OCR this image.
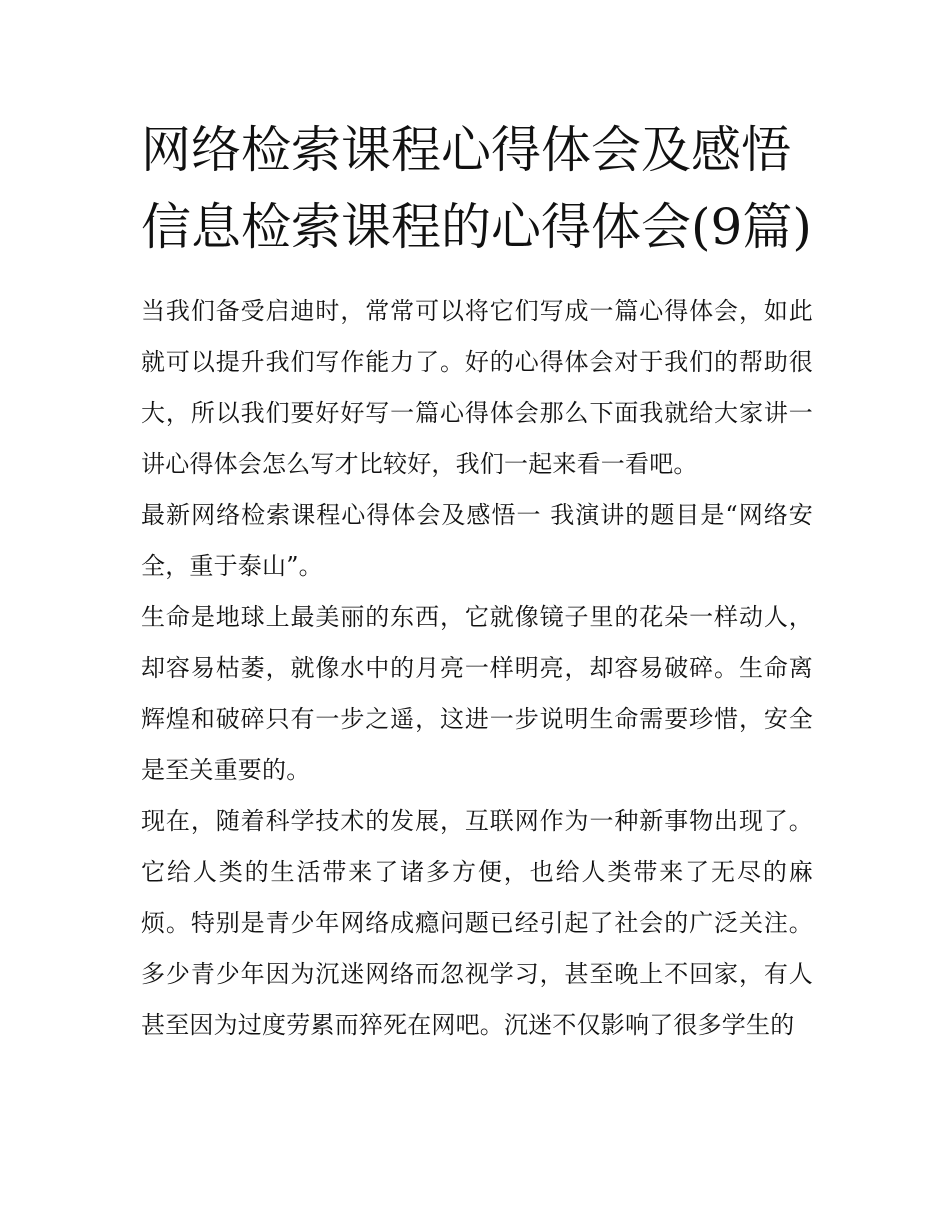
网络检索课程心得体会及感悟信息检索课程的心得体会(9篇)

当我们备受启迪时，常常可以将它们写成一篇心得体会，如此就可以提升我们写作能力了。好的心得体会对于我们的帮助很大，所以我们要好好写一篇心得体会那么下面我就给大家讲一讲心得体会怎么写才比较好，我们一起来看一看吧。

最新网络检索课程心得体会及感悟一 我演讲的题目是“网络安全，重于泰山”。

生命是地球上最美丽的东西，它就像镜子里的花朵一样动人，却容易枯萎，就像水中的月亮一样明亮，却容易破碎。生命离辉煌和破碎只有一步之遥，这进一步说明生命需要珍惜，安全是至关重要的。

现在，随着科学技术的发展，互联网作为一种新事物出现了。它给人类的生活带来了诸多方便，也给人类带来了无尽的麻烦。特别是青少年网络成瘾问题已经引起了社会的广泛关注。多少青少年因为沉迷网络而忽视学习，甚至晚上不回家，有人甚至因为过度劳累而猝死在网吧。沉迷不仅影响了很多学生的
